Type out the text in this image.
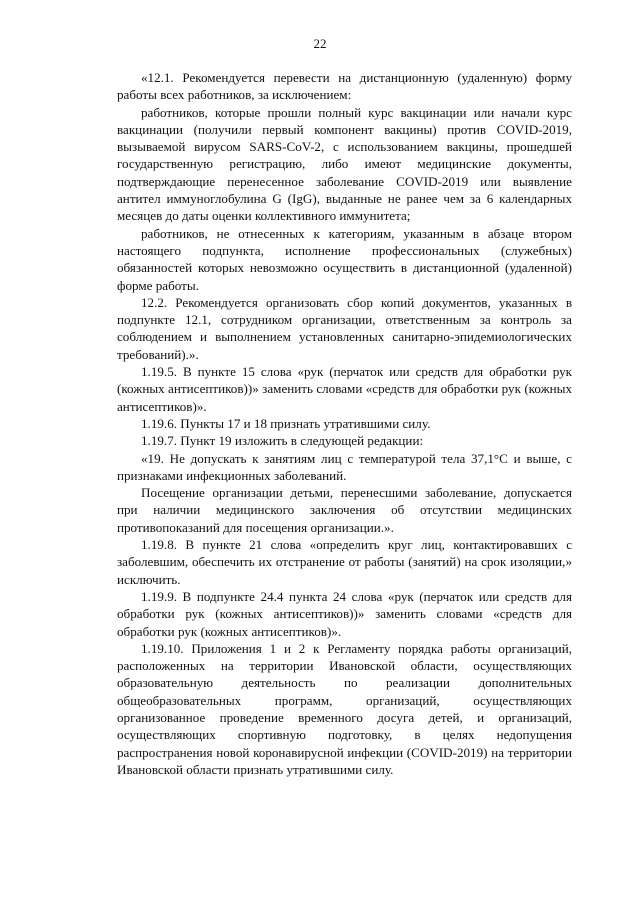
22

«12.1. Рекомендуется перевести на дистанционную (удаленную) форму работы всех работников, за исключением:

работников, которые прошли полный курс вакцинации или начали курс вакцинации (получили первый компонент вакцины) против COVID-2019, вызываемой вирусом SARS-CoV-2, с использованием вакцины, прошедшей государственную регистрацию, либо имеют медицинские документы, подтверждающие перенесенное заболевание COVID-2019 или выявление антител иммуноглобулина G (IgG), выданные не ранее чем за 6 календарных месяцев до даты оценки коллективного иммунитета;

работников, не отнесенных к категориям, указанным в абзаце втором настоящего подпункта, исполнение профессиональных (служебных) обязанностей которых невозможно осуществить в дистанционной (удаленной) форме работы.

12.2. Рекомендуется организовать сбор копий документов, указанных в подпункте 12.1, сотрудником организации, ответственным за контроль за соблюдением и выполнением установленных санитарно-эпидемиологических требований).».

1.19.5. В пункте 15 слова «рук (перчаток или средств для обработки рук (кожных антисептиков))» заменить словами «средств для обработки рук (кожных антисептиков)».

1.19.6. Пункты 17 и 18 признать утратившими силу.

1.19.7. Пункт 19 изложить в следующей редакции:

«19. Не допускать к занятиям лиц с температурой тела 37,1°С и выше, с признаками инфекционных заболеваний.

Посещение организации детьми, перенесшими заболевание, допускается при наличии медицинского заключения об отсутствии медицинских противопоказаний для посещения организации.».

1.19.8. В пункте 21 слова «определить круг лиц, контактировавших с заболевшим, обеспечить их отстранение от работы (занятий) на срок изоляции,» исключить.

1.19.9. В подпункте 24.4 пункта 24 слова «рук (перчаток или средств для обработки рук (кожных антисептиков))» заменить словами «средств для обработки рук (кожных антисептиков)».

1.19.10. Приложения 1 и 2 к Регламенту порядка работы организаций, расположенных на территории Ивановской области, осуществляющих образовательную деятельность по реализации дополнительных общеобразовательных программ, организаций, осуществляющих организованное проведение временного досуга детей, и организаций, осуществляющих спортивную подготовку, в целях недопущения распространения новой коронавирусной инфекции (COVID-2019) на территории Ивановской области признать утратившими силу.
